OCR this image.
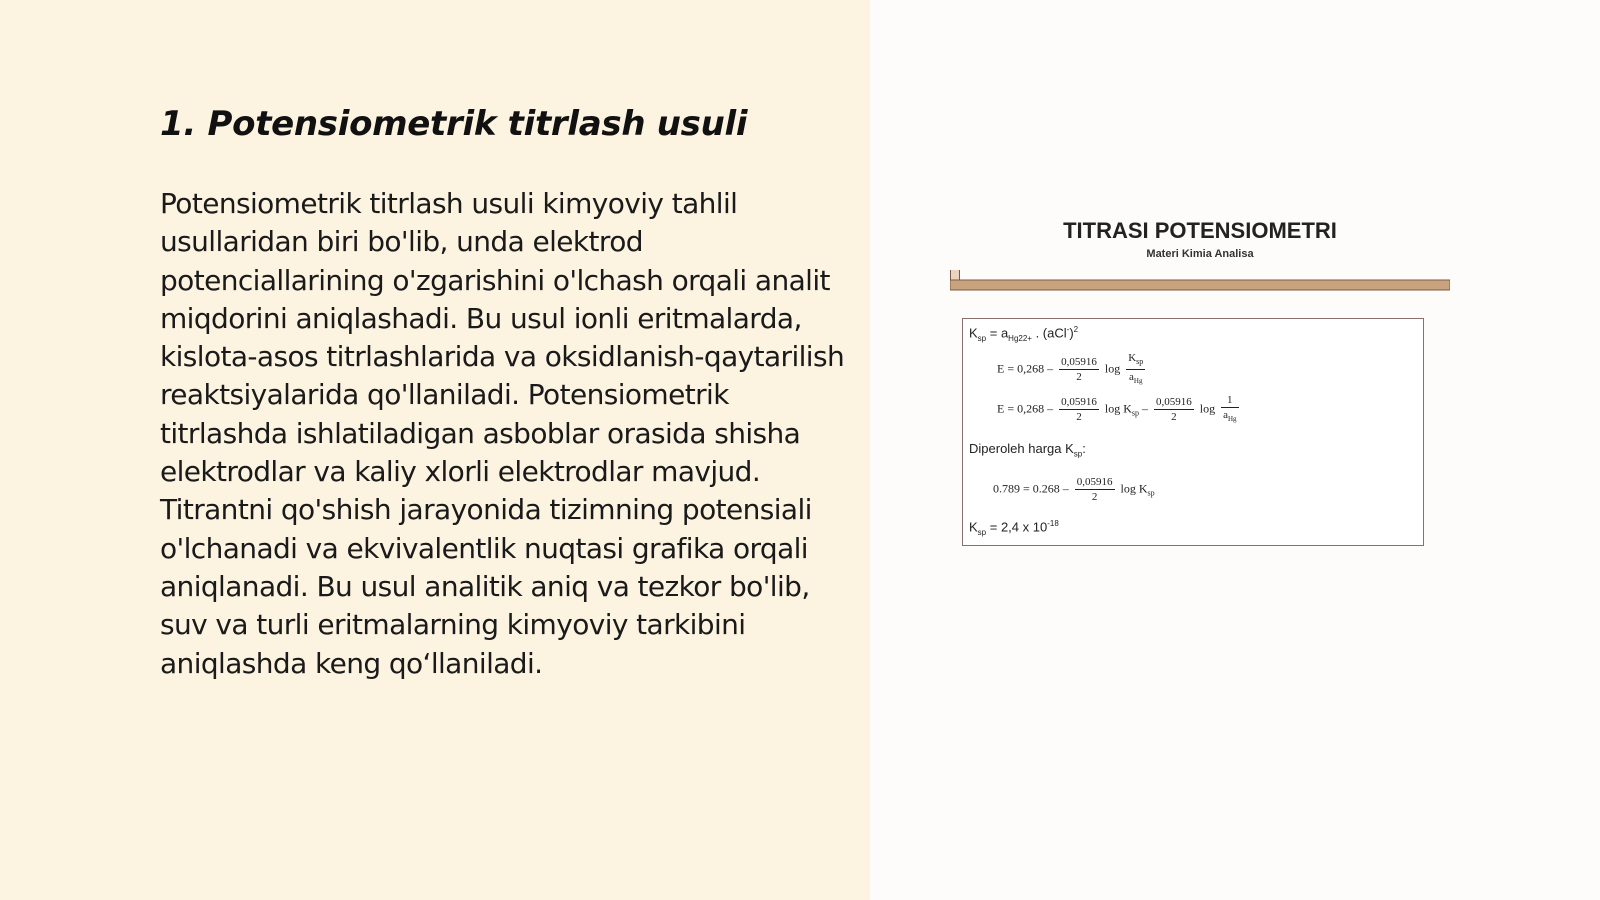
1. Potensiometrik titrlash usuli

Potensiometrik titrlash usuli kimyoviy tahlil usullaridan biri bo'lib, unda elektrod potenciallarining o'zgarishini o'lchash orqali analit miqdorini aniqlashadi. Bu usul ionli eritmalarda, kislota-asos titrlashlarida va oksidlanish-qaytarilish reaktsiyalarida qo'llaniladi. Potensiometrik titrlashda ishlatiladigan asboblar orasida shisha elektrodlar va kaliy xlorli elektrodlar mavjud. Titrantni qo'shish jarayonida tizimning potensiali o'lchanadi va ekvivalentlik nuqtasi grafika orqali aniqlanadi. Bu usul analitik aniq va tezkor bo'lib, suv va turli eritmalarning kimyoviy tarkibini aniqlashda keng qo‘llaniladi.

TITRASI POTENSIOMETRI
Materi Kimia Analisa
$K_{sp} = a_{Hg22+}$ . $(aCl^-)^2$
$E = 0,268 - \frac{0,05916}{2}$ $\log \frac{K_{sp}}{a_{Hg}}$
$E = 0,268 - \frac{0,05916}{2}$ $\log K_{sp} - \frac{0,05916}{2}$ $\log \frac{1}{a_{Hg}}$
Diperoleh harga $K_{sp}$:
$0.789 = 0.268 - \frac{0,05916}{2}$ $\log K_{sp}$
$K_{sp} = 2,4$ x $10^{-18}$
